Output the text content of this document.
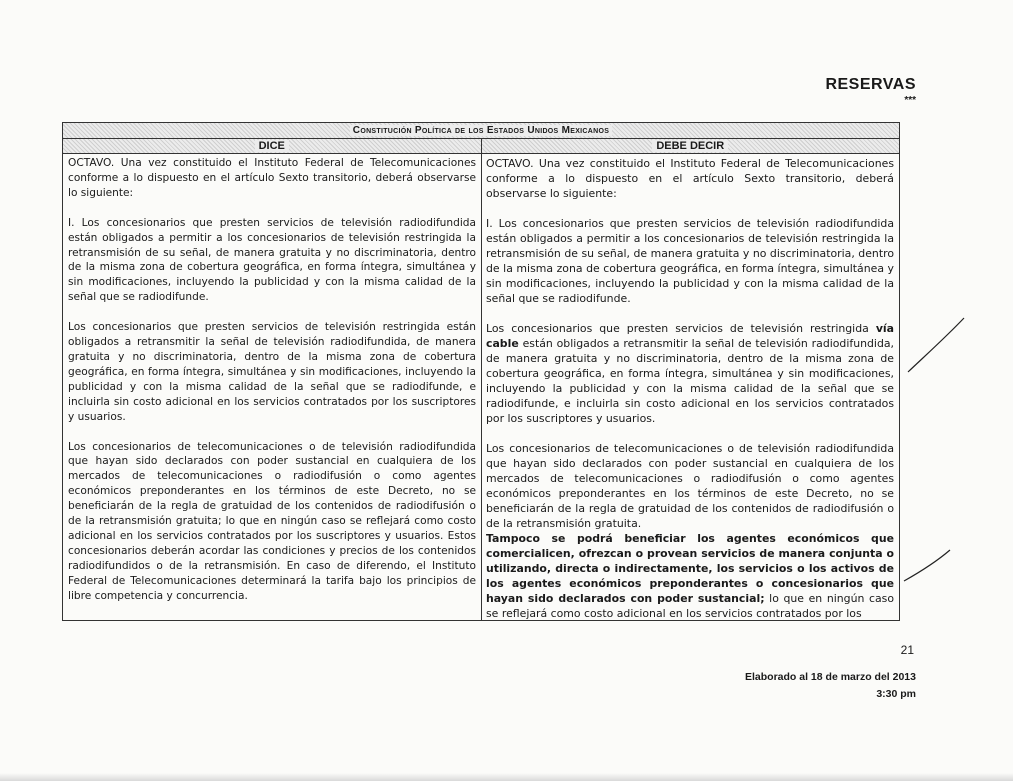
RESERVAS
***
Constitución Política de los Estados Unidos Mexicanos
DICE	DEBE DECIR

OCTAVO. Una vez constituido el Instituto Federal de Telecomunicaciones conforme a lo dispuesto en el artículo Sexto transitorio, deberá observarse lo siguiente:

I. Los concesionarios que presten servicios de televisión radiodifundida están obligados a permitir a los concesionarios de televisión restringida la retransmisión de su señal, de manera gratuita y no discriminatoria, dentro de la misma zona de cobertura geográfica, en forma íntegra, simultánea y sin modificaciones, incluyendo la publicidad y con la misma calidad de la señal que se radiodifunde.

Los concesionarios que presten servicios de televisión restringida están obligados a retransmitir la señal de televisión radiodifundida, de manera gratuita y no discriminatoria, dentro de la misma zona de cobertura geográfica, en forma íntegra, simultánea y sin modificaciones, incluyendo la publicidad y con la misma calidad de la señal que se radiodifunde, e incluirla sin costo adicional en los servicios contratados por los suscriptores y usuarios.

Los concesionarios de telecomunicaciones o de televisión radiodifundida que hayan sido declarados con poder sustancial en cualquiera de los mercados de telecomunicaciones o radiodifusión o como agentes económicos preponderantes en los términos de este Decreto, no se beneficiarán de la regla de gratuidad de los contenidos de radiodifusión o de la retransmisión gratuita; lo que en ningún caso se reflejará como costo adicional en los servicios contratados por los suscriptores y usuarios. Estos concesionarios deberán acordar las condiciones y precios de los contenidos radiodifundidos o de la retransmisión. En caso de diferendo, el Instituto Federal de Telecomunicaciones determinará la tarifa bajo los principios de libre competencia y concurrencia.

OCTAVO. Una vez constituido el Instituto Federal de Telecomunicaciones conforme a lo dispuesto en el artículo Sexto transitorio, deberá observarse lo siguiente:

I. Los concesionarios que presten servicios de televisión radiodifundida están obligados a permitir a los concesionarios de televisión restringida la retransmisión de su señal, de manera gratuita y no discriminatoria, dentro de la misma zona de cobertura geográfica, en forma íntegra, simultánea y sin modificaciones, incluyendo la publicidad y con la misma calidad de la señal que se radiodifunde.

Los concesionarios que presten servicios de televisión restringida vía cable están obligados a retransmitir la señal de televisión radiodifundida, de manera gratuita y no discriminatoria, dentro de la misma zona de cobertura geográfica, en forma íntegra, simultánea y sin modificaciones, incluyendo la publicidad y con la misma calidad de la señal que se radiodifunde, e incluirla sin costo adicional en los servicios contratados por los suscriptores y usuarios.

Los concesionarios de telecomunicaciones o de televisión radiodifundida que hayan sido declarados con poder sustancial en cualquiera de los mercados de telecomunicaciones o radiodifusión o como agentes económicos preponderantes en los términos de este Decreto, no se beneficiarán de la regla de gratuidad de los contenidos de radiodifusión o de la retransmisión gratuita.

Tampoco se podrá beneficiar los agentes económicos que comercialicen, ofrezcan o provean servicios de manera conjunta o utilizando, directa o indirectamente, los servicios o los activos de los agentes económicos preponderantes o concesionarios que hayan sido declarados con poder sustancial; lo que en ningún caso se reflejará como costo adicional en los servicios contratados por los

21
Elaborado al 18 de marzo del 2013
3:30 pm
